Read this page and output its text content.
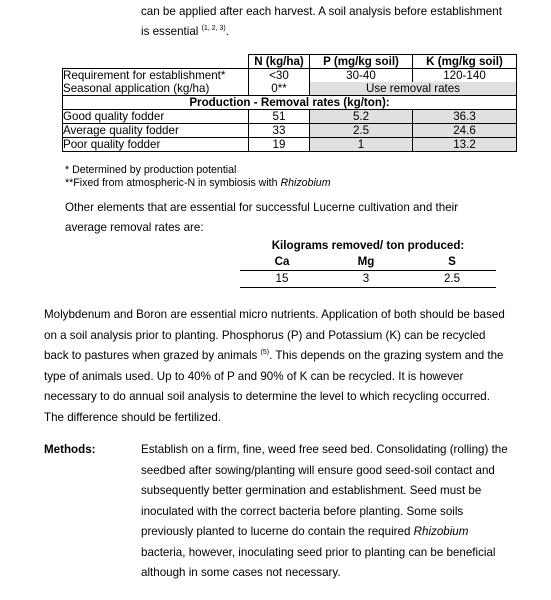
can be applied after each harvest. A soil analysis before establishment
is essential $^{(1, 2, 3)}$.
	N (kg/ha)	P (mg/kg soil)	K (mg/kg soil)
Requirement for establishment*	<30	30-40	120-140
Seasonal application (kg/ha)	0**	Use removal rates	
Production - Removal rates (kg/ton):			
Good quality fodder	51	5.2	36.3
Average quality fodder	33	2.5	24.6
Poor quality fodder	19	1	13.2
* Determined by production potential
**Fixed from atmospheric-N in symbiosis with Rhizobium
Other elements that are essential for successful Lucerne cultivation and their
average removal rates are:
Kilograms removed/ ton produced:		
Ca	Mg	S
15	3	2.5
Molybdenum and Boron are essential micro nutrients. Application of both should be based
on a soil analysis prior to planting. Phosphorus (P) and Potassium (K) can be recycled
back to pastures when grazed by animals $^{(5)}$. This depends on the grazing system and the
type of animals used. Up to 40% of P and 90% of K can be recycled. It is however
necessary to do annual soil analysis to determine the level to which recycling occurred.
The difference should be fertilized.
Methods:	Establish on a firm, fine, weed free seed bed. Consolidating (rolling) the
seedbed after sowing/planting will ensure good seed-soil contact and
subsequently better germination and establishment. Seed must be
inoculated with the correct bacteria before planting. Some soils
previously planted to lucerne do contain the required Rhizobium
bacteria, however, inoculating seed prior to planting can be beneficial
although in some cases not necessary.
